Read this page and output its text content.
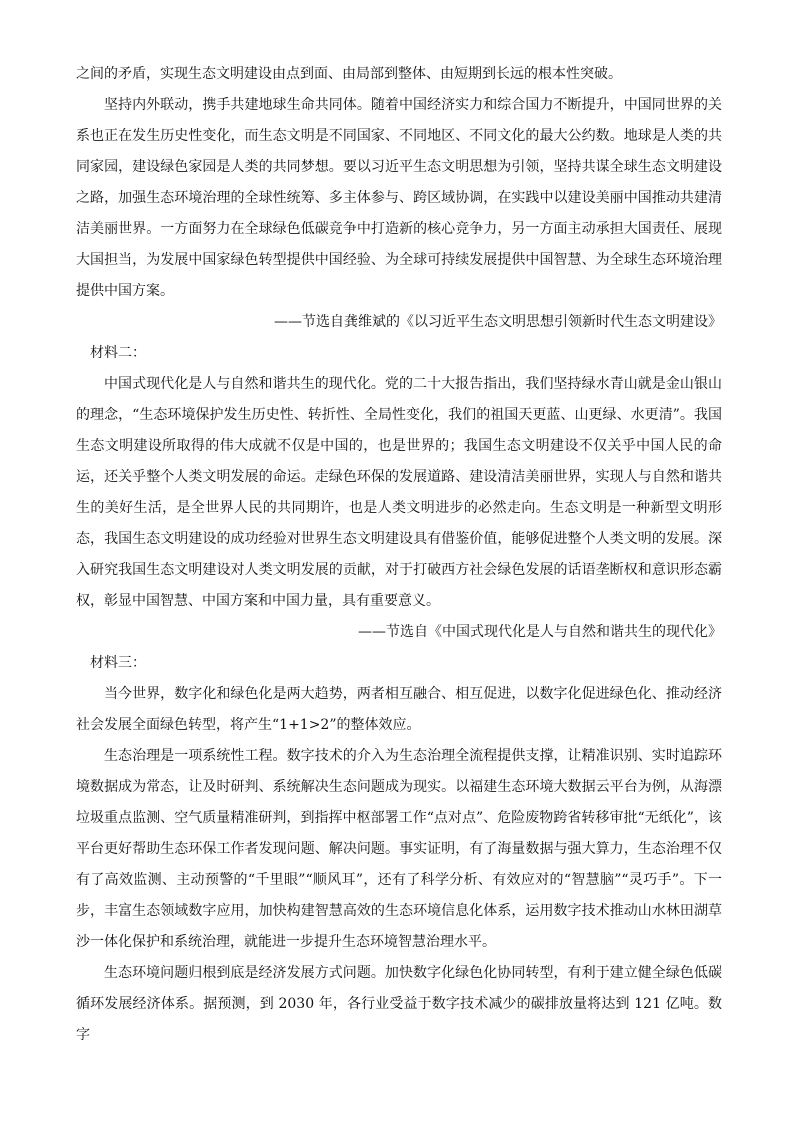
之间的矛盾，实现生态文明建设由点到面、由局部到整体、由短期到长远的根本性突破。

坚持内外联动，携手共建地球生命共同体。随着中国经济实力和综合国力不断提升，中国同世界的关系也正在发生历史性变化，而生态文明是不同国家、不同地区、不同文化的最大公约数。地球是人类的共同家园，建设绿色家园是人类的共同梦想。要以习近平生态文明思想为引领，坚持共谋全球生态文明建设之路，加强生态环境治理的全球性统筹、多主体参与、跨区域协调，在实践中以建设美丽中国推动共建清洁美丽世界。一方面努力在全球绿色低碳竞争中打造新的核心竞争力，另一方面主动承担大国责任、展现大国担当，为发展中国家绿色转型提供中国经验、为全球可持续发展提供中国智慧、为全球生态环境治理提供中国方案。

——节选自龚维斌的《以习近平生态文明思想引领新时代生态文明建设》

材料二：

中国式现代化是人与自然和谐共生的现代化。党的二十大报告指出，我们坚持绿水青山就是金山银山的理念，“生态环境保护发生历史性、转折性、全局性变化，我们的祖国天更蓝、山更绿、水更清”。我国生态文明建设所取得的伟大成就不仅是中国的，也是世界的；我国生态文明建设不仅关乎中国人民的命运，还关乎整个人类文明发展的命运。走绿色环保的发展道路、建设清洁美丽世界，实现人与自然和谐共生的美好生活，是全世界人民的共同期许，也是人类文明进步的必然走向。生态文明是一种新型文明形态，我国生态文明建设的成功经验对世界生态文明建设具有借鉴价值，能够促进整个人类文明的发展。深入研究我国生态文明建设对人类文明发展的贡献，对于打破西方社会绿色发展的话语垄断权和意识形态霸权，彰显中国智慧、中国方案和中国力量，具有重要意义。

——节选自《中国式现代化是人与自然和谐共生的现代化》

材料三：

当今世界，数字化和绿色化是两大趋势，两者相互融合、相互促进，以数字化促进绿色化、推动经济社会发展全面绿色转型，将产生“1+1>2”的整体效应。

生态治理是一项系统性工程。数字技术的介入为生态治理全流程提供支撑，让精准识别、实时追踪环境数据成为常态，让及时研判、系统解决生态问题成为现实。以福建生态环境大数据云平台为例，从海漂垃圾重点监测、空气质量精准研判，到指挥中枢部署工作“点对点”、危险废物跨省转移审批“无纸化”，该平台更好帮助生态环保工作者发现问题、解决问题。事实证明，有了海量数据与强大算力，生态治理不仅有了高效监测、主动预警的“千里眼”“顺风耳”，还有了科学分析、有效应对的“智慧脑”“灵巧手”。下一步，丰富生态领域数字应用，加快构建智慧高效的生态环境信息化体系，运用数字技术推动山水林田湖草沙一体化保护和系统治理，就能进一步提升生态环境智慧治理水平。

生态环境问题归根到底是经济发展方式问题。加快数字化绿色化协同转型，有利于建立健全绿色低碳循环发展经济体系。据预测，到 2030 年，各行业受益于数字技术减少的碳排放量将达到 121 亿吨。数字
